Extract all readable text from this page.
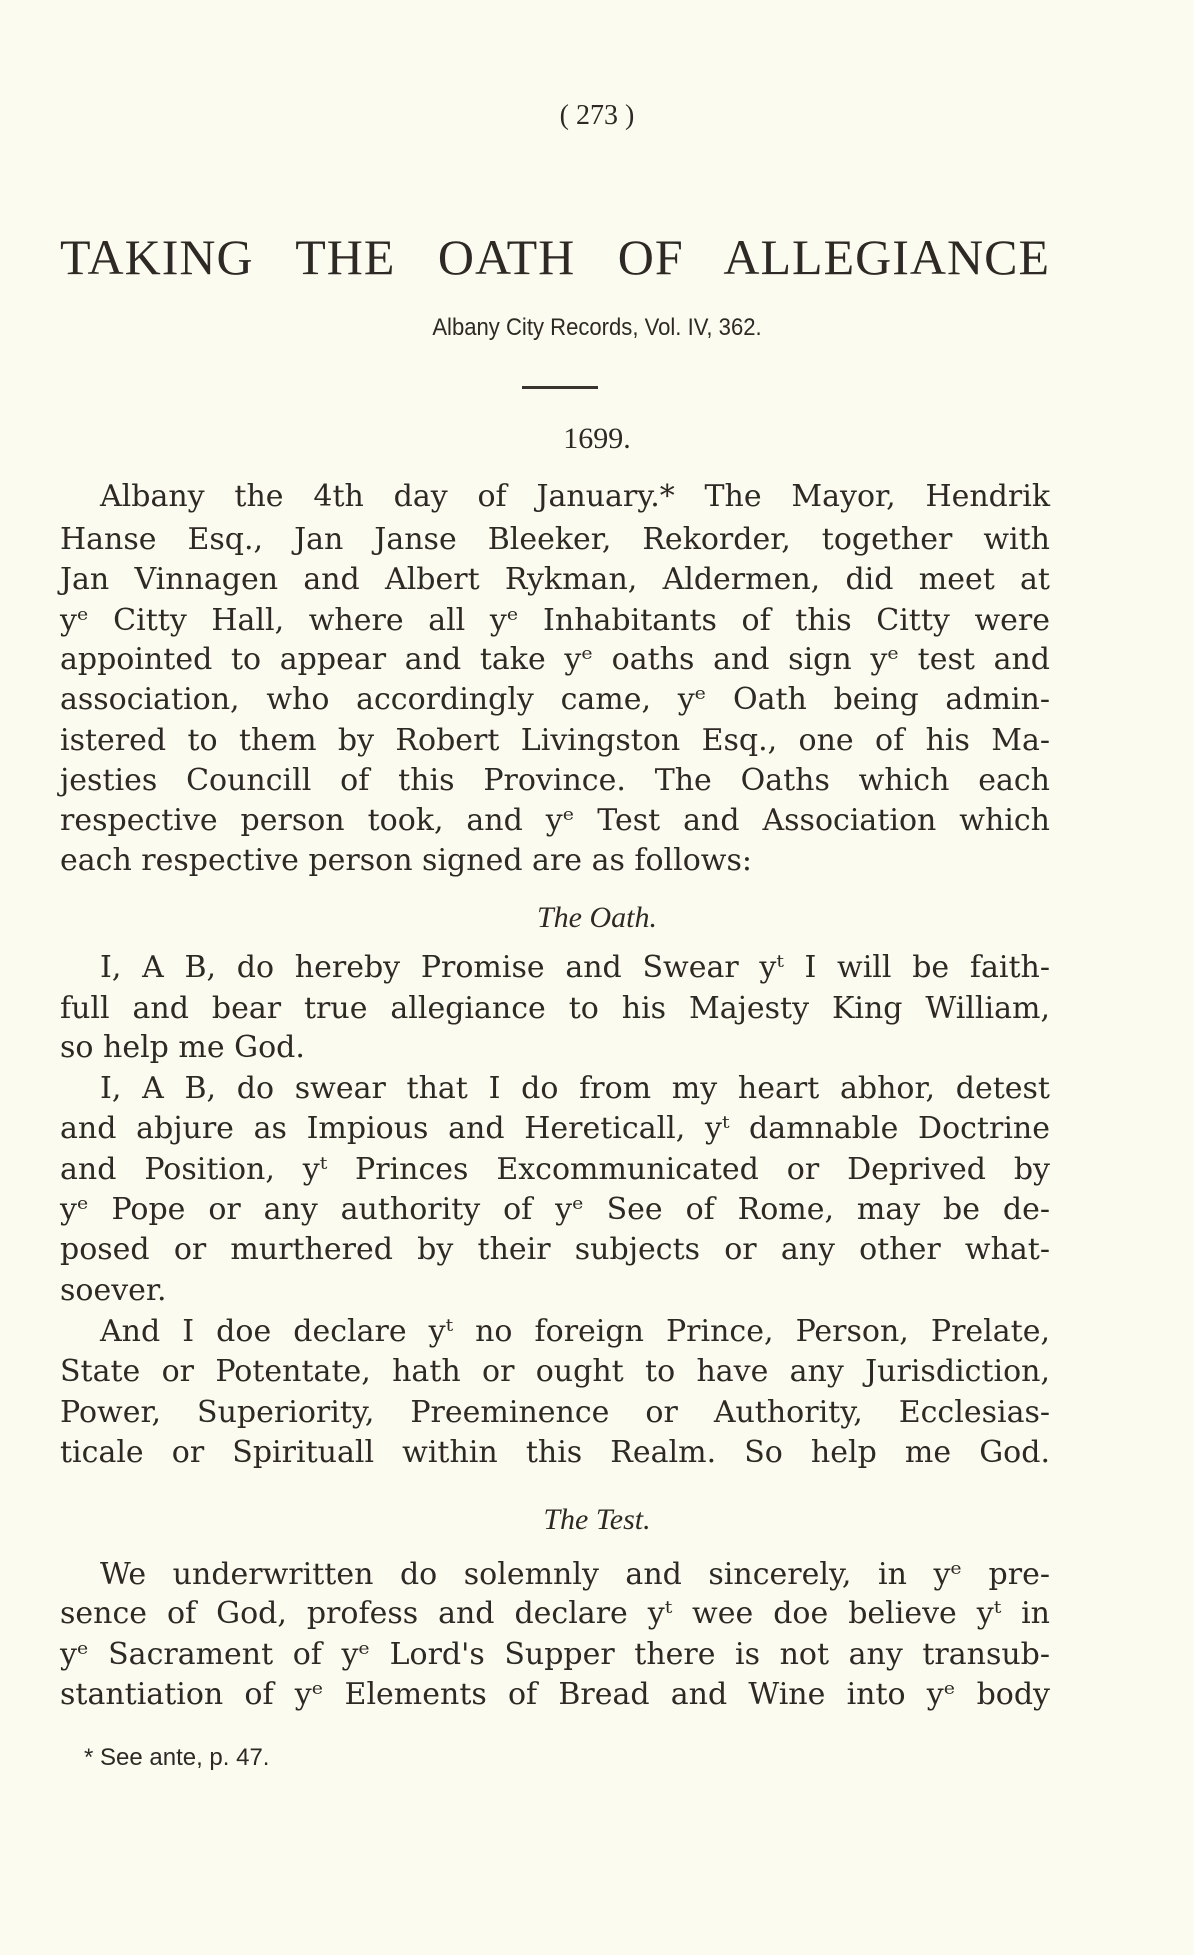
( 273 )
TAKING THE OATH OF ALLEGIANCE
Albany City Records, Vol. IV, 362.
1699.
Albany the 4th day of January.* The Mayor, Hendrik
Hanse Esq., Jan Janse Bleeker, Rekorder, together with
Jan Vinnagen and Albert Rykman, Aldermen, did meet at
yᵉ Citty Hall, where all yᵉ Inhabitants of this Citty were
appointed to appear and take yᵉ oaths and sign yᵉ test and
association, who accordingly came, yᵉ Oath being admin-
istered to them by Robert Livingston Esq., one of his Ma-
jesties Councill of this Province. The Oaths which each
respective person took, and yᵉ Test and Association which
each respective person signed are as follows:
The Oath.
I, A B, do hereby Promise and Swear yᵗ I will be faith-
full and bear true allegiance to his Majesty King William,
so help me God.
I, A B, do swear that I do from my heart abhor, detest
and abjure as Impious and Hereticall, yᵗ damnable Doctrine
and Position, yᵗ Princes Excommunicated or Deprived by
yᵉ Pope or any authority of yᵉ See of Rome, may be de-
posed or murthered by their subjects or any other what-
soever.
And I doe declare yᵗ no foreign Prince, Person, Prelate,
State or Potentate, hath or ought to have any Jurisdiction,
Power, Superiority, Preeminence or Authority, Ecclesias-
ticale or Spirituall within this Realm. So help me God.
The Test.
We underwritten do solemnly and sincerely, in yᵉ pre-
sence of God, profess and declare yᵗ wee doe believe yᵗ in
yᵉ Sacrament of yᵉ Lord's Supper there is not any transub-
stantiation of yᵉ Elements of Bread and Wine into yᵉ body
* See ante, p. 47.
